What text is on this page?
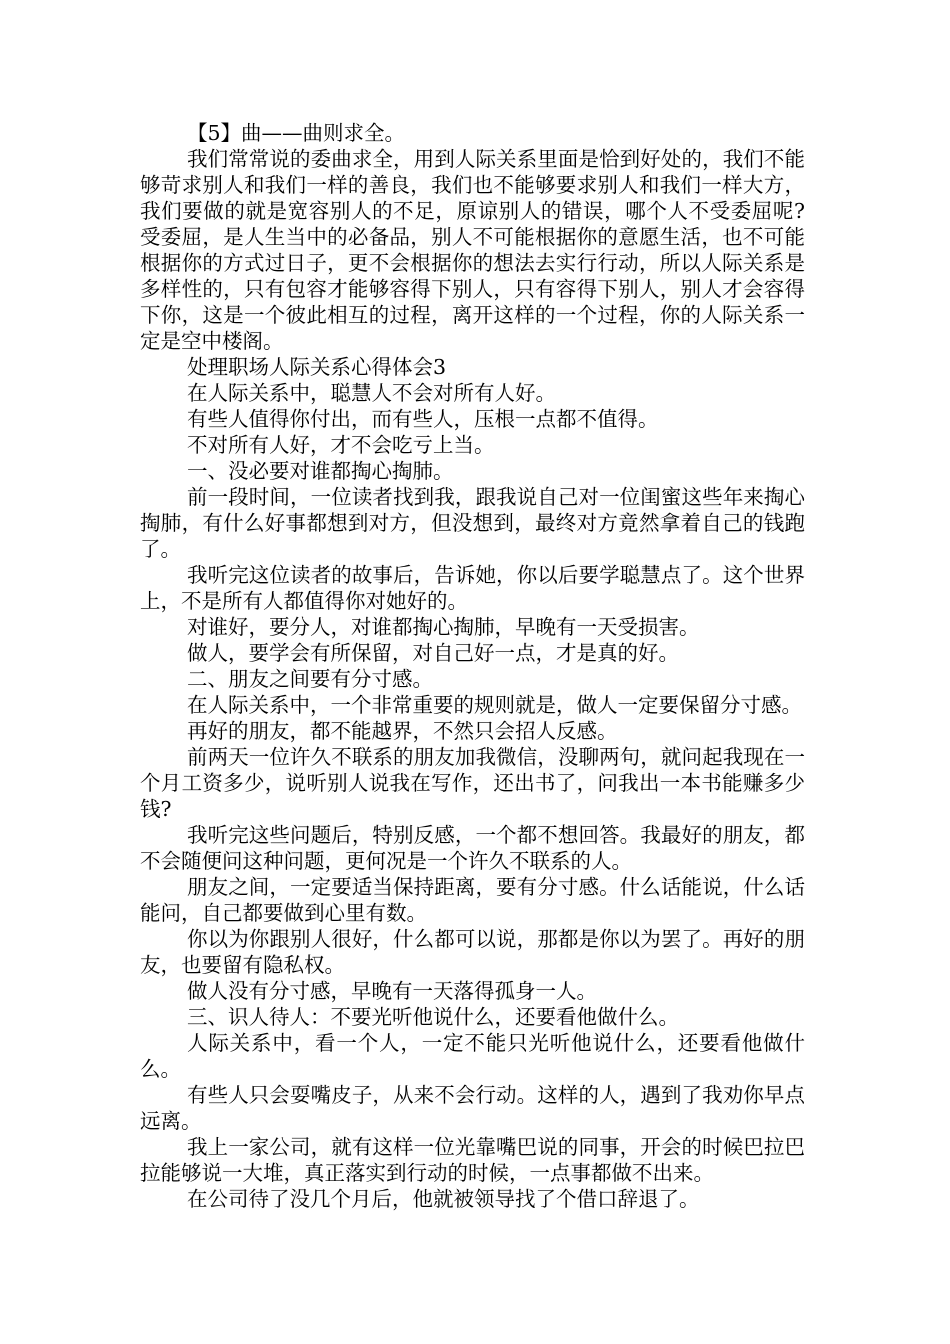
【5】曲——曲则求全。

我们常常说的委曲求全，用到人际关系里面是恰到好处的，我们不能够苛求别人和我们一样的善良，我们也不能够要求别人和我们一样大方，我们要做的就是宽容别人的不足，原谅别人的错误，哪个人不受委屈呢?受委屈，是人生当中的必备品，别人不可能根据你的意愿生活，也不可能根据你的方式过日子，更不会根据你的想法去实行行动，所以人际关系是多样性的，只有包容才能够容得下别人，只有容得下别人，别人才会容得下你，这是一个彼此相互的过程，离开这样的一个过程，你的人际关系一定是空中楼阁。

处理职场人际关系心得体会3

在人际关系中，聪慧人不会对所有人好。

有些人值得你付出，而有些人，压根一点都不值得。

不对所有人好，才不会吃亏上当。

一、没必要对谁都掏心掏肺。

前一段时间，一位读者找到我，跟我说自己对一位闺蜜这些年来掏心掏肺，有什么好事都想到对方，但没想到，最终对方竟然拿着自己的钱跑了。

我听完这位读者的故事后，告诉她，你以后要学聪慧点了。这个世界上，不是所有人都值得你对她好的。

对谁好，要分人，对谁都掏心掏肺，早晚有一天受损害。

做人，要学会有所保留，对自己好一点，才是真的好。

二、朋友之间要有分寸感。

在人际关系中，一个非常重要的规则就是，做人一定要保留分寸感。

再好的朋友，都不能越界，不然只会招人反感。

前两天一位许久不联系的朋友加我微信，没聊两句，就问起我现在一个月工资多少，说听别人说我在写作，还出书了，问我出一本书能赚多少钱?

我听完这些问题后，特别反感，一个都不想回答。我最好的朋友，都不会随便问这种问题，更何况是一个许久不联系的人。

朋友之间，一定要适当保持距离，要有分寸感。什么话能说，什么话能问，自己都要做到心里有数。

你以为你跟别人很好，什么都可以说，那都是你以为罢了。再好的朋友，也要留有隐私权。

做人没有分寸感，早晚有一天落得孤身一人。

三、识人待人：不要光听他说什么，还要看他做什么。

人际关系中，看一个人，一定不能只光听他说什么，还要看他做什么。

有些人只会耍嘴皮子，从来不会行动。这样的人，遇到了我劝你早点远离。

我上一家公司，就有这样一位光靠嘴巴说的同事，开会的时候巴拉巴拉能够说一大堆，真正落实到行动的时候，一点事都做不出来。

在公司待了没几个月后，他就被领导找了个借口辞退了。
